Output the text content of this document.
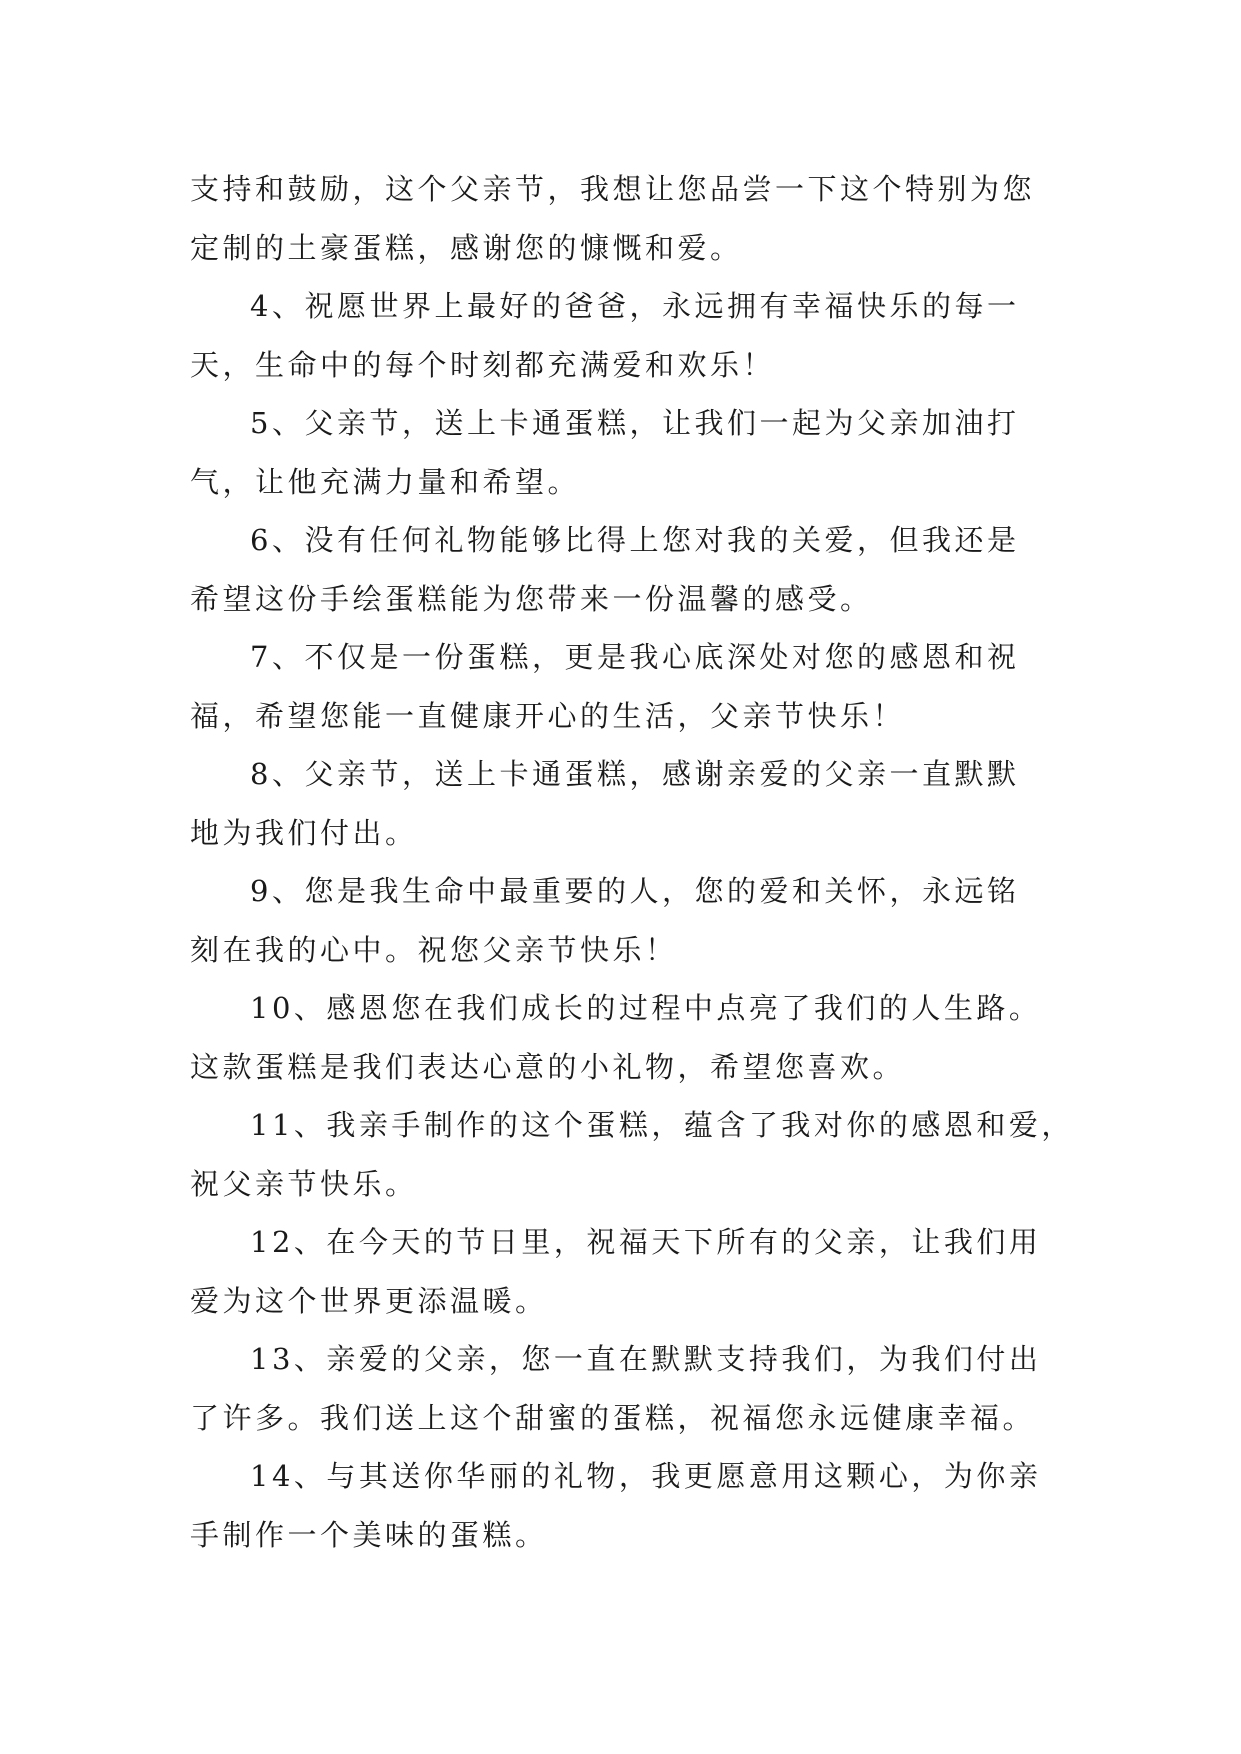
支持和鼓励，这个父亲节，我想让您品尝一下这个特别为您
定制的土豪蛋糕，感谢您的慷慨和爱。
4、祝愿世界上最好的爸爸，永远拥有幸福快乐的每一
天，生命中的每个时刻都充满爱和欢乐！
5、父亲节，送上卡通蛋糕，让我们一起为父亲加油打
气，让他充满力量和希望。
6、没有任何礼物能够比得上您对我的关爱，但我还是
希望这份手绘蛋糕能为您带来一份温馨的感受。
7、不仅是一份蛋糕，更是我心底深处对您的感恩和祝
福，希望您能一直健康开心的生活，父亲节快乐！
8、父亲节，送上卡通蛋糕，感谢亲爱的父亲一直默默
地为我们付出。
9、您是我生命中最重要的人，您的爱和关怀，永远铭
刻在我的心中。祝您父亲节快乐！
10、感恩您在我们成长的过程中点亮了我们的人生路。
这款蛋糕是我们表达心意的小礼物，希望您喜欢。
11、我亲手制作的这个蛋糕，蕴含了我对你的感恩和爱，
祝父亲节快乐。
12、在今天的节日里，祝福天下所有的父亲，让我们用
爱为这个世界更添温暖。
13、亲爱的父亲，您一直在默默支持我们，为我们付出
了许多。我们送上这个甜蜜的蛋糕，祝福您永远健康幸福。
14、与其送你华丽的礼物，我更愿意用这颗心，为你亲
手制作一个美味的蛋糕。
